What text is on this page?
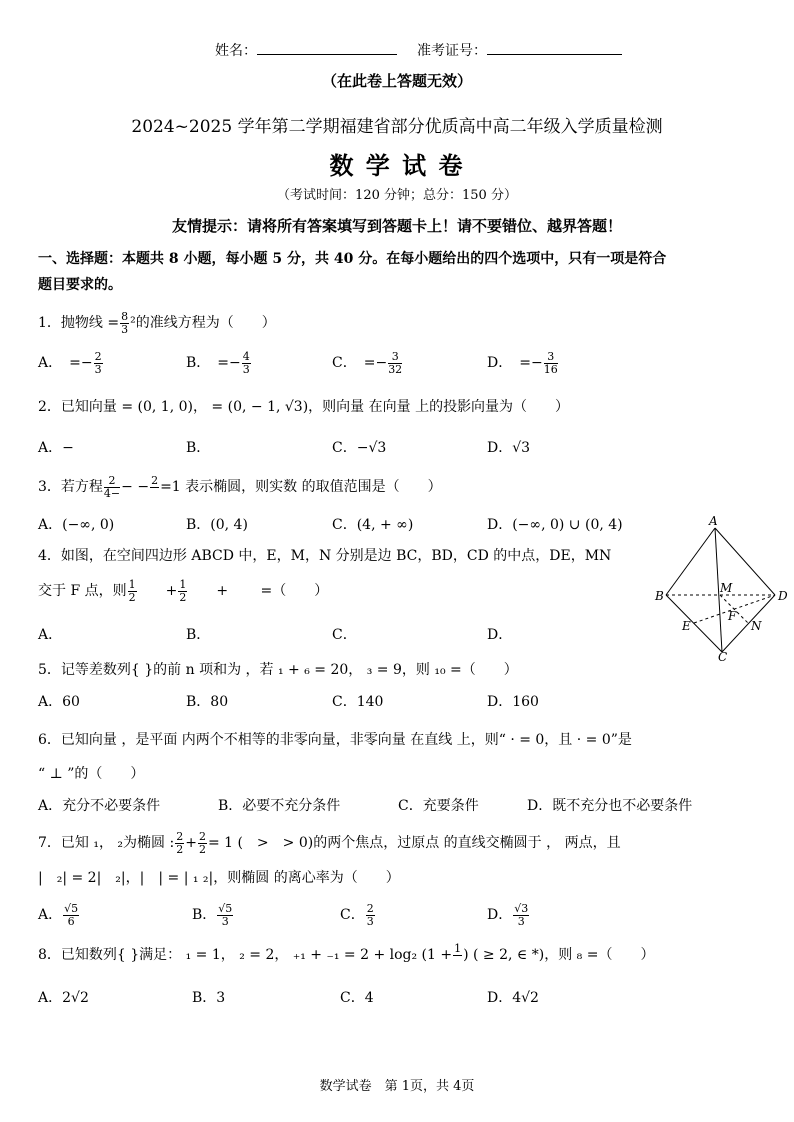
姓名：	准考证号：
（在此卷上答题无效）
2024~2025 学年第二学期福建省部分优质高中高二年级入学质量检测
数 学 试 卷
（考试时间：120 分钟；总分：150 分）
友情提示：请将所有答案填写到答题卡上！请不要错位、越界答题！
一、选择题：本题共 8 小题，每小题 5 分，共 40 分。在每小题给出的四个选项中，只有一项是符合
题目要求的。
1．抛物线 = $\frac{8}{3} ^2$的准线方程为（　　）
A．　 =− $\frac{2}{3}$	B．　 =− $\frac{4}{3}$	C．　 =− $\frac{3}{32}$	D．　 =− $\frac{3}{16}$
2．已知向量 = (0, 1, 0)， = (0, − 1, √3)，则向量 在向量 上的投影向量为（　　）
A．−	B．	C．−√3	D．√3
3．若方程 $\frac{2}{4-}$ − − 2
=1 表示椭圆，则实数 的取值范围是（　　）
A．(−∞, 0)	B．(0, 4)	C．(4, + ∞)	D．(−∞, 0) ∪ (0, 4)
4．如图，在空间四边形 ABCD 中，E，M，N 分别是边 BC，BD，CD 的中点，DE，MN
交于 F 点，则 $\frac{1}{2}$
　　 + $\frac{1}{2}$
　　 +　　 =（　　）
A．	B．	C．	D．
A
B
C
D
M
E
F
N
5．记等差数列{ }的前 n 项和为 ，若 ₁ + ₆ = 20， ₃ = 9，则 ₁₀ =（　　）
A．60	B．80	C．140	D．160
6．已知向量 ，是平面 内两个不相等的非零向量，非零向量 在直线 上，则“ · = 0，且 · = 0”是
“ ⊥ ”的（　　）
A．充分不必要条件	B．必要不充分条件	C．充要条件	D．既不充分也不必要条件
7．已知 ₁， ₂为椭圆 : $\frac{2}{2} + \frac{2}{2} = 1$ (　>　> 0)的两个焦点，过原点 的直线交椭圆于 ， 两点，且
|　₂| = 2|　₂|，|　| = | ₁ ₂|，则椭圆 的离心率为（　　）
A． $\frac{√5}{6}$	B． $\frac{√5}{3}$	C． $\frac{2}{3}$	D． $\frac{√3}{3}$
8．已知数列{ }满足： ₁ = 1， ₂ = 2， ₊₁ + ₋₁ = 2 + log₂ (1 + 1
) ( ≥ 2, ∈ *)，则 ₈ =（　　）
A．2√2	B．3	C．4	D．4√2
数学试卷　第 1页，共 4页
